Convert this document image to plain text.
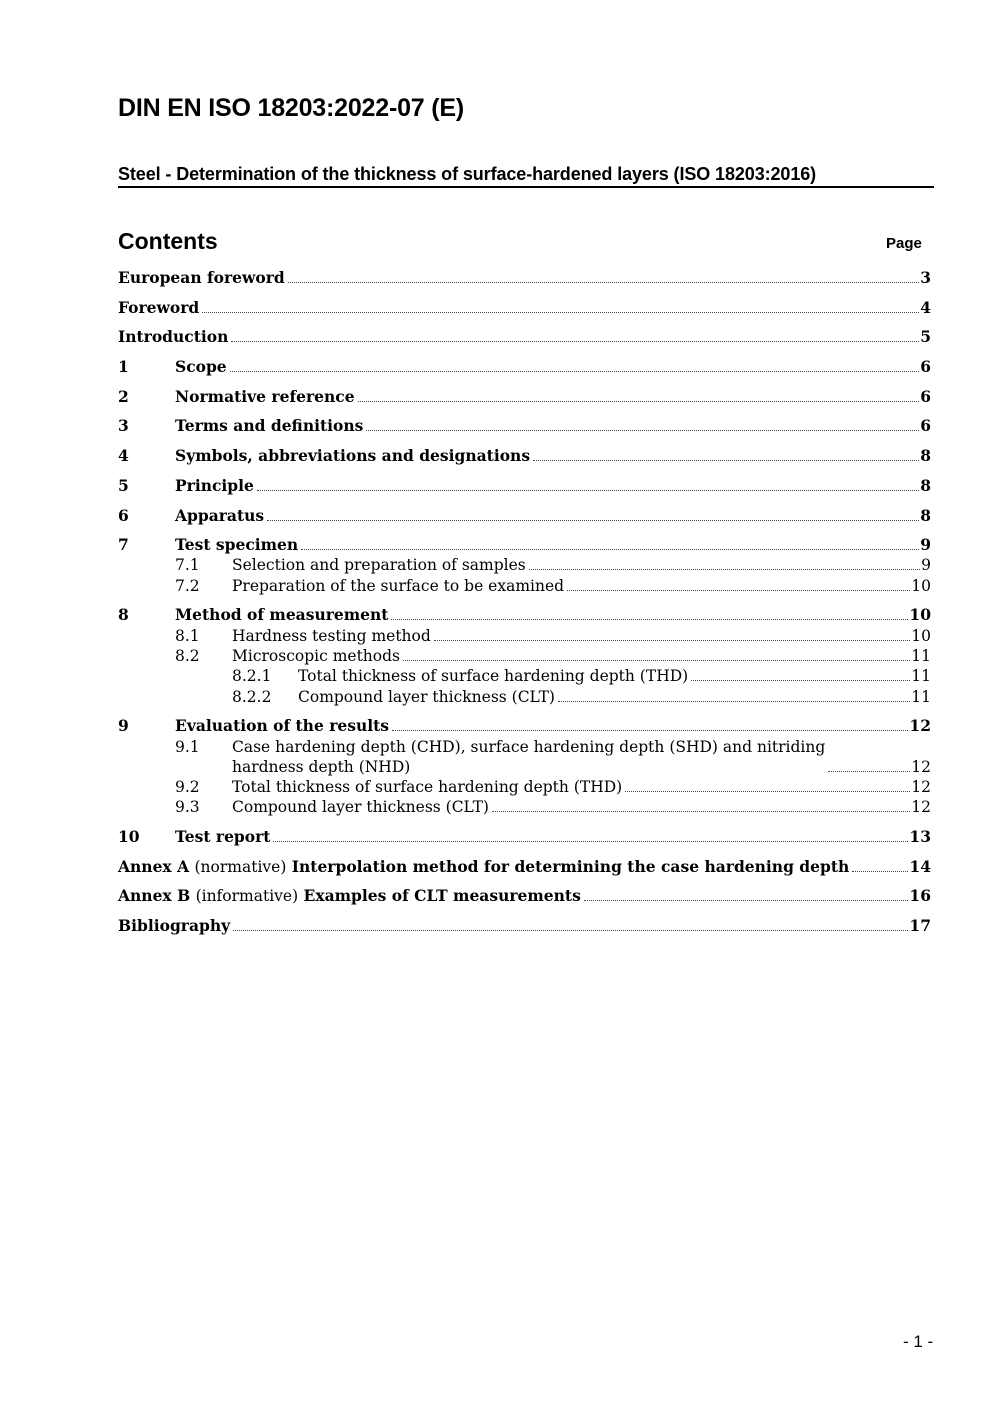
DIN EN ISO 18203:2022-07 (E)
Steel - Determination of the thickness of surface-hardened layers (ISO 18203:2016)
Contents	Page
European foreword	3
Foreword	4
Introduction	5
1	Scope	6
2	Normative reference	6
3	Terms and definitions	6
4	Symbols, abbreviations and designations	8
5	Principle	8
6	Apparatus	8
7	Test specimen	9
7.1	Selection and preparation of samples	9
7.2	Preparation of the surface to be examined	10
8	Method of measurement	10
8.1	Hardness testing method	10
8.2	Microscopic methods	11
8.2.1	Total thickness of surface hardening depth (THD)	11
8.2.2	Compound layer thickness (CLT)	11
9	Evaluation of the results	12
9.1	Case hardening depth (CHD), surface hardening depth (SHD) and nitriding
hardness depth (NHD)	12
9.2	Total thickness of surface hardening depth (THD)	12
9.3	Compound layer thickness (CLT)	12
10	Test report	13
Annex A (normative) Interpolation method for determining the case hardening depth	14
Annex B (informative) Examples of CLT measurements	16
Bibliography	17
- 1 -
